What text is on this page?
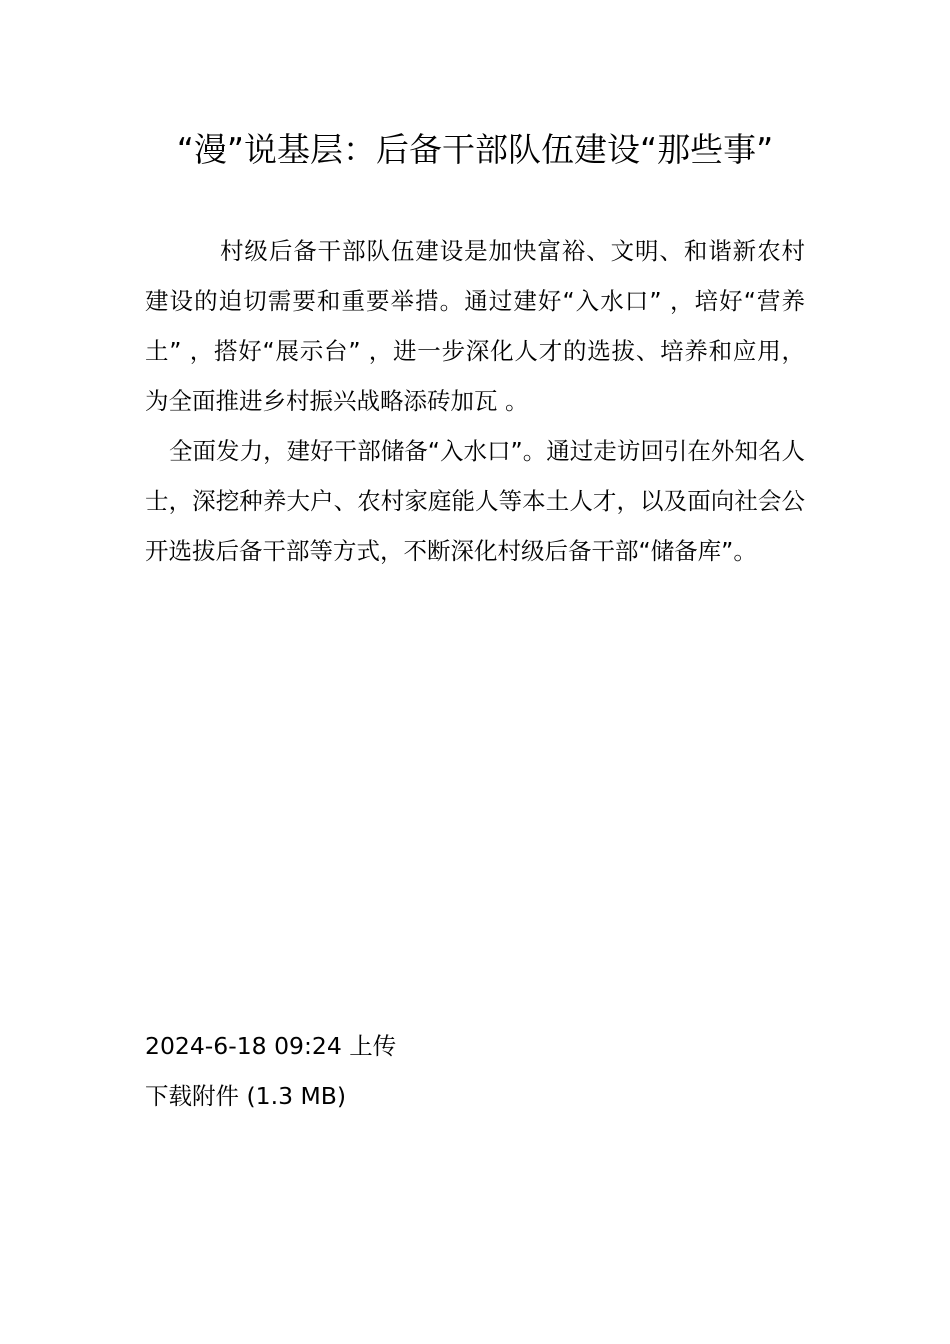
“漫”说基层：后备干部队伍建设“那些事”

村级后备干部队伍建设是加快富裕、文明、和谐新农村建设的迫切需要和重要举措。通过建好“入水口” ，培好“营养土” ，搭好“展示台” ，进一步深化人才的选拔、培养和应用，为全面推进乡村振兴战略添砖加瓦 。

全面发力，建好干部储备“入水口”。通过走访回引在外知名人士，深挖种养大户、农村家庭能人等本土人才，以及面向社会公开选拔后备干部等方式，不断深化村级后备干部“储备库”。

2024-6-18 09:24 上传

下载附件 (1.3 MB)
